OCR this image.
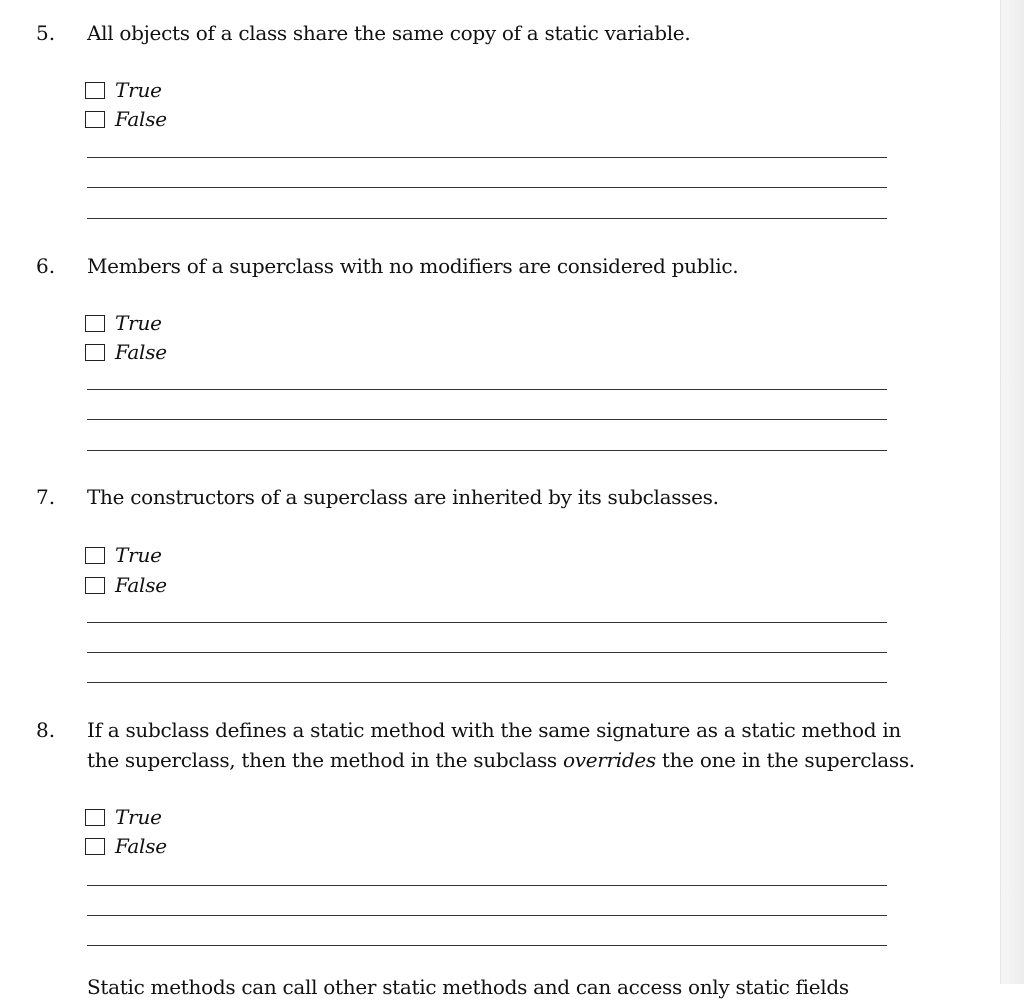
5. All objects of a class share the same copy of a static variable.
True
False
6. Members of a superclass with no modifiers are considered public.
True
False
7. The constructors of a superclass are inherited by its subclasses.
True
False
8. If a subclass defines a static method with the same signature as a static method in
the superclass, then the method in the subclass overrides the one in the superclass.
True
False
Static methods can call other static methods and can access only static fields
